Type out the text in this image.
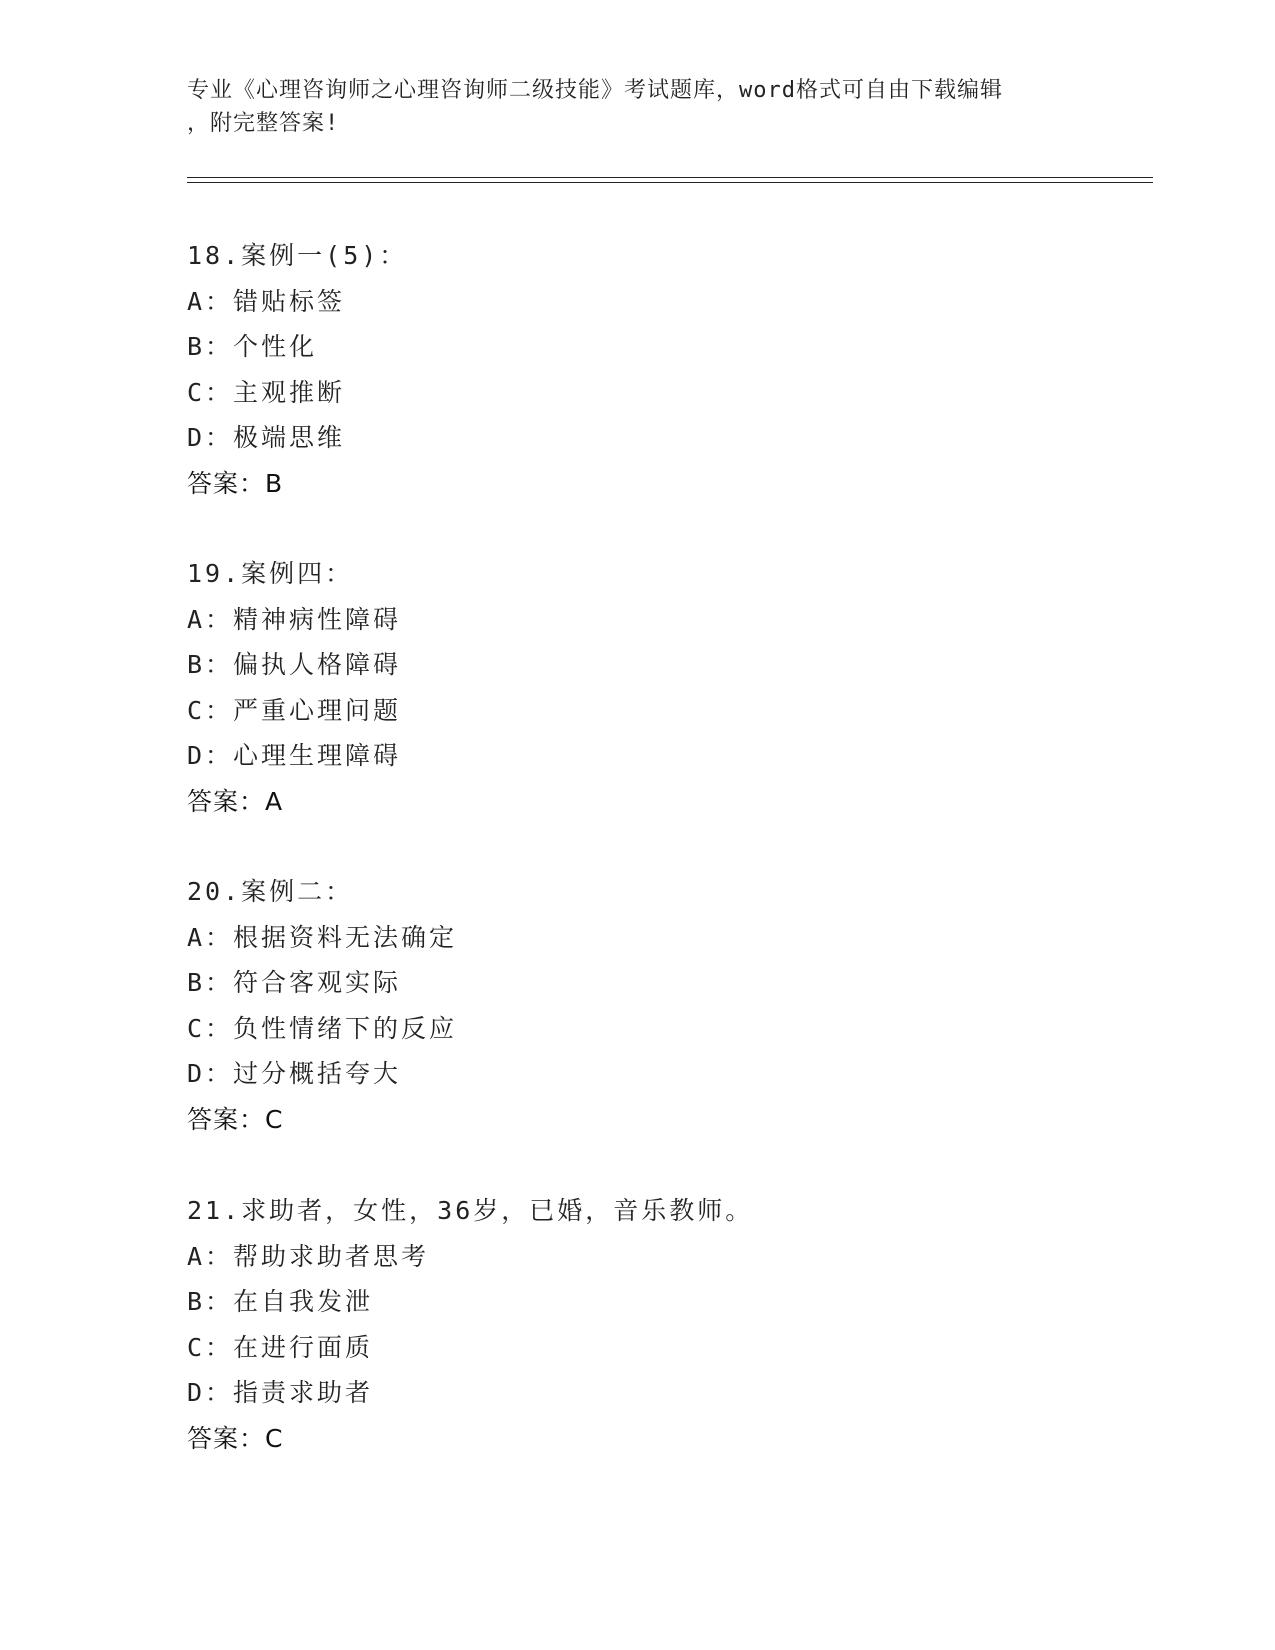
专业《心理咨询师之心理咨询师二级技能》考试题库，word格式可自由下载编辑
，附完整答案!
18.案例一(5)：
A：错贴标签
B：个性化
C：主观推断
D：极端思维
答案：B
19.案例四：
A：精神病性障碍
B：偏执人格障碍
C：严重心理问题
D：心理生理障碍
答案：A
20.案例二：
A：根据资料无法确定
B：符合客观实际
C：负性情绪下的反应
D：过分概括夸大
答案：C
21.求助者，女性，36岁，已婚，音乐教师。
A：帮助求助者思考
B：在自我发泄
C：在进行面质
D：指责求助者
答案：C
